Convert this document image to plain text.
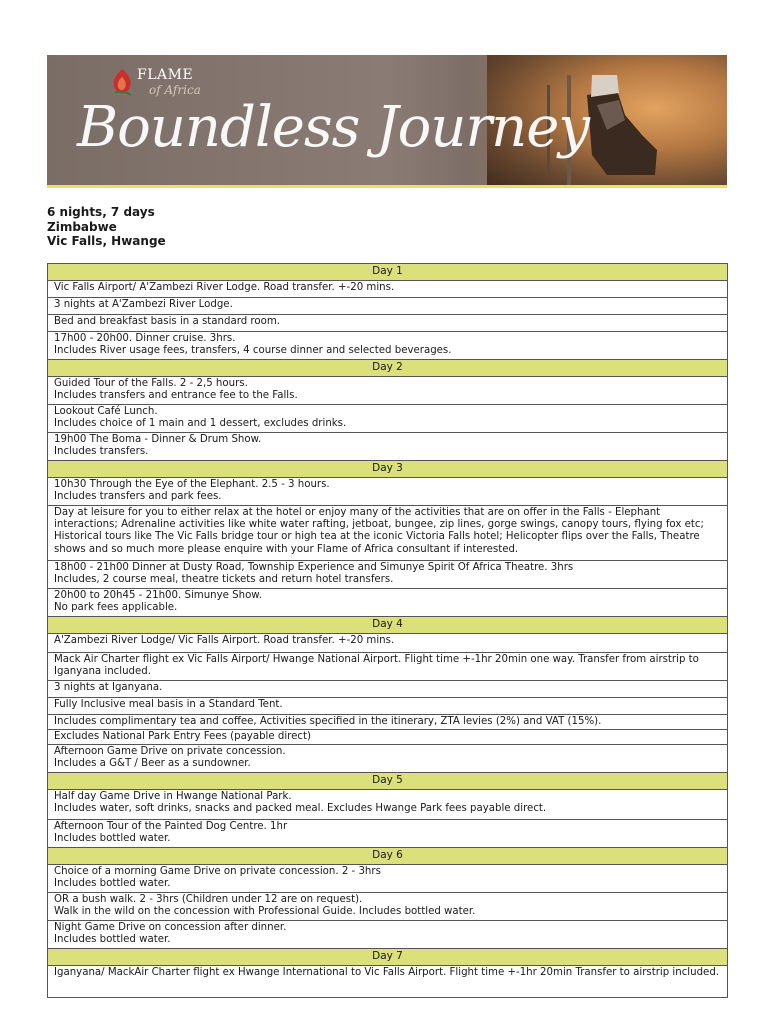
FLAME
of Africa
Boundless Journey
6 nights, 7 days
Zimbabwe
Vic Falls, Hwange
Day 1
Vic Falls Airport/ A'Zambezi River Lodge. Road transfer. +-20 mins.
3 nights at A'Zambezi River Lodge.
Bed and breakfast basis in a standard room.
17h00 - 20h00. Dinner cruise. 3hrs.
Includes River usage fees, transfers, 4 course dinner and selected beverages.
Day 2
Guided Tour of the Falls. 2 - 2,5 hours.
Includes transfers and entrance fee to the Falls.
Lookout Café Lunch.
Includes choice of 1 main and 1 dessert, excludes drinks.
19h00 The Boma - Dinner & Drum Show.
Includes transfers.
Day 3
10h30 Through the Eye of the Elephant. 2.5 - 3 hours.
Includes transfers and park fees.
Day at leisure for you to either relax at the hotel or enjoy many of the activities that are on offer in the Falls - Elephant interactions; Adrenaline activities like white water rafting, jetboat, bungee, zip lines, gorge swings, canopy tours, flying fox etc; Historical tours like The Vic Falls bridge tour or high tea at the iconic Victoria Falls hotel; Helicopter flips over the Falls, Theatre shows and so much more please enquire with your Flame of Africa consultant if interested.
18h00 - 21h00 Dinner at Dusty Road, Township Experience and Simunye Spirit Of Africa Theatre. 3hrs
Includes, 2 course meal, theatre tickets and return hotel transfers.
20h00 to 20h45 - 21h00. Simunye Show.
No park fees applicable.
Day 4
A'Zambezi River Lodge/ Vic Falls Airport. Road transfer. +-20 mins.
Mack Air Charter flight ex Vic Falls Airport/ Hwange National Airport. Flight time +-1hr 20min one way. Transfer from airstrip to Iganyana included.
3 nights at Iganyana.
Fully Inclusive meal basis in a Standard Tent.
Includes complimentary tea and coffee, Activities specified in the itinerary, ZTA levies (2%) and VAT (15%).
Excludes National Park Entry Fees (payable direct)
Afternoon Game Drive on private concession.
Includes a G&T / Beer as a sundowner.
Day 5
Half day Game Drive in Hwange National Park.
Includes water, soft drinks, snacks and packed meal. Excludes Hwange Park fees payable direct.
Afternoon Tour of the Painted Dog Centre. 1hr
Includes bottled water.
Day 6
Choice of a morning Game Drive on private concession. 2 - 3hrs
Includes bottled water.
OR a bush walk. 2 - 3hrs (Children under 12 are on request).
Walk in the wild on the concession with Professional Guide. Includes bottled water.
Night Game Drive on concession after dinner.
Includes bottled water.
Day 7
Iganyana/ MackAir Charter flight ex Hwange International to Vic Falls Airport. Flight time +-1hr 20min Transfer to airstrip included.
